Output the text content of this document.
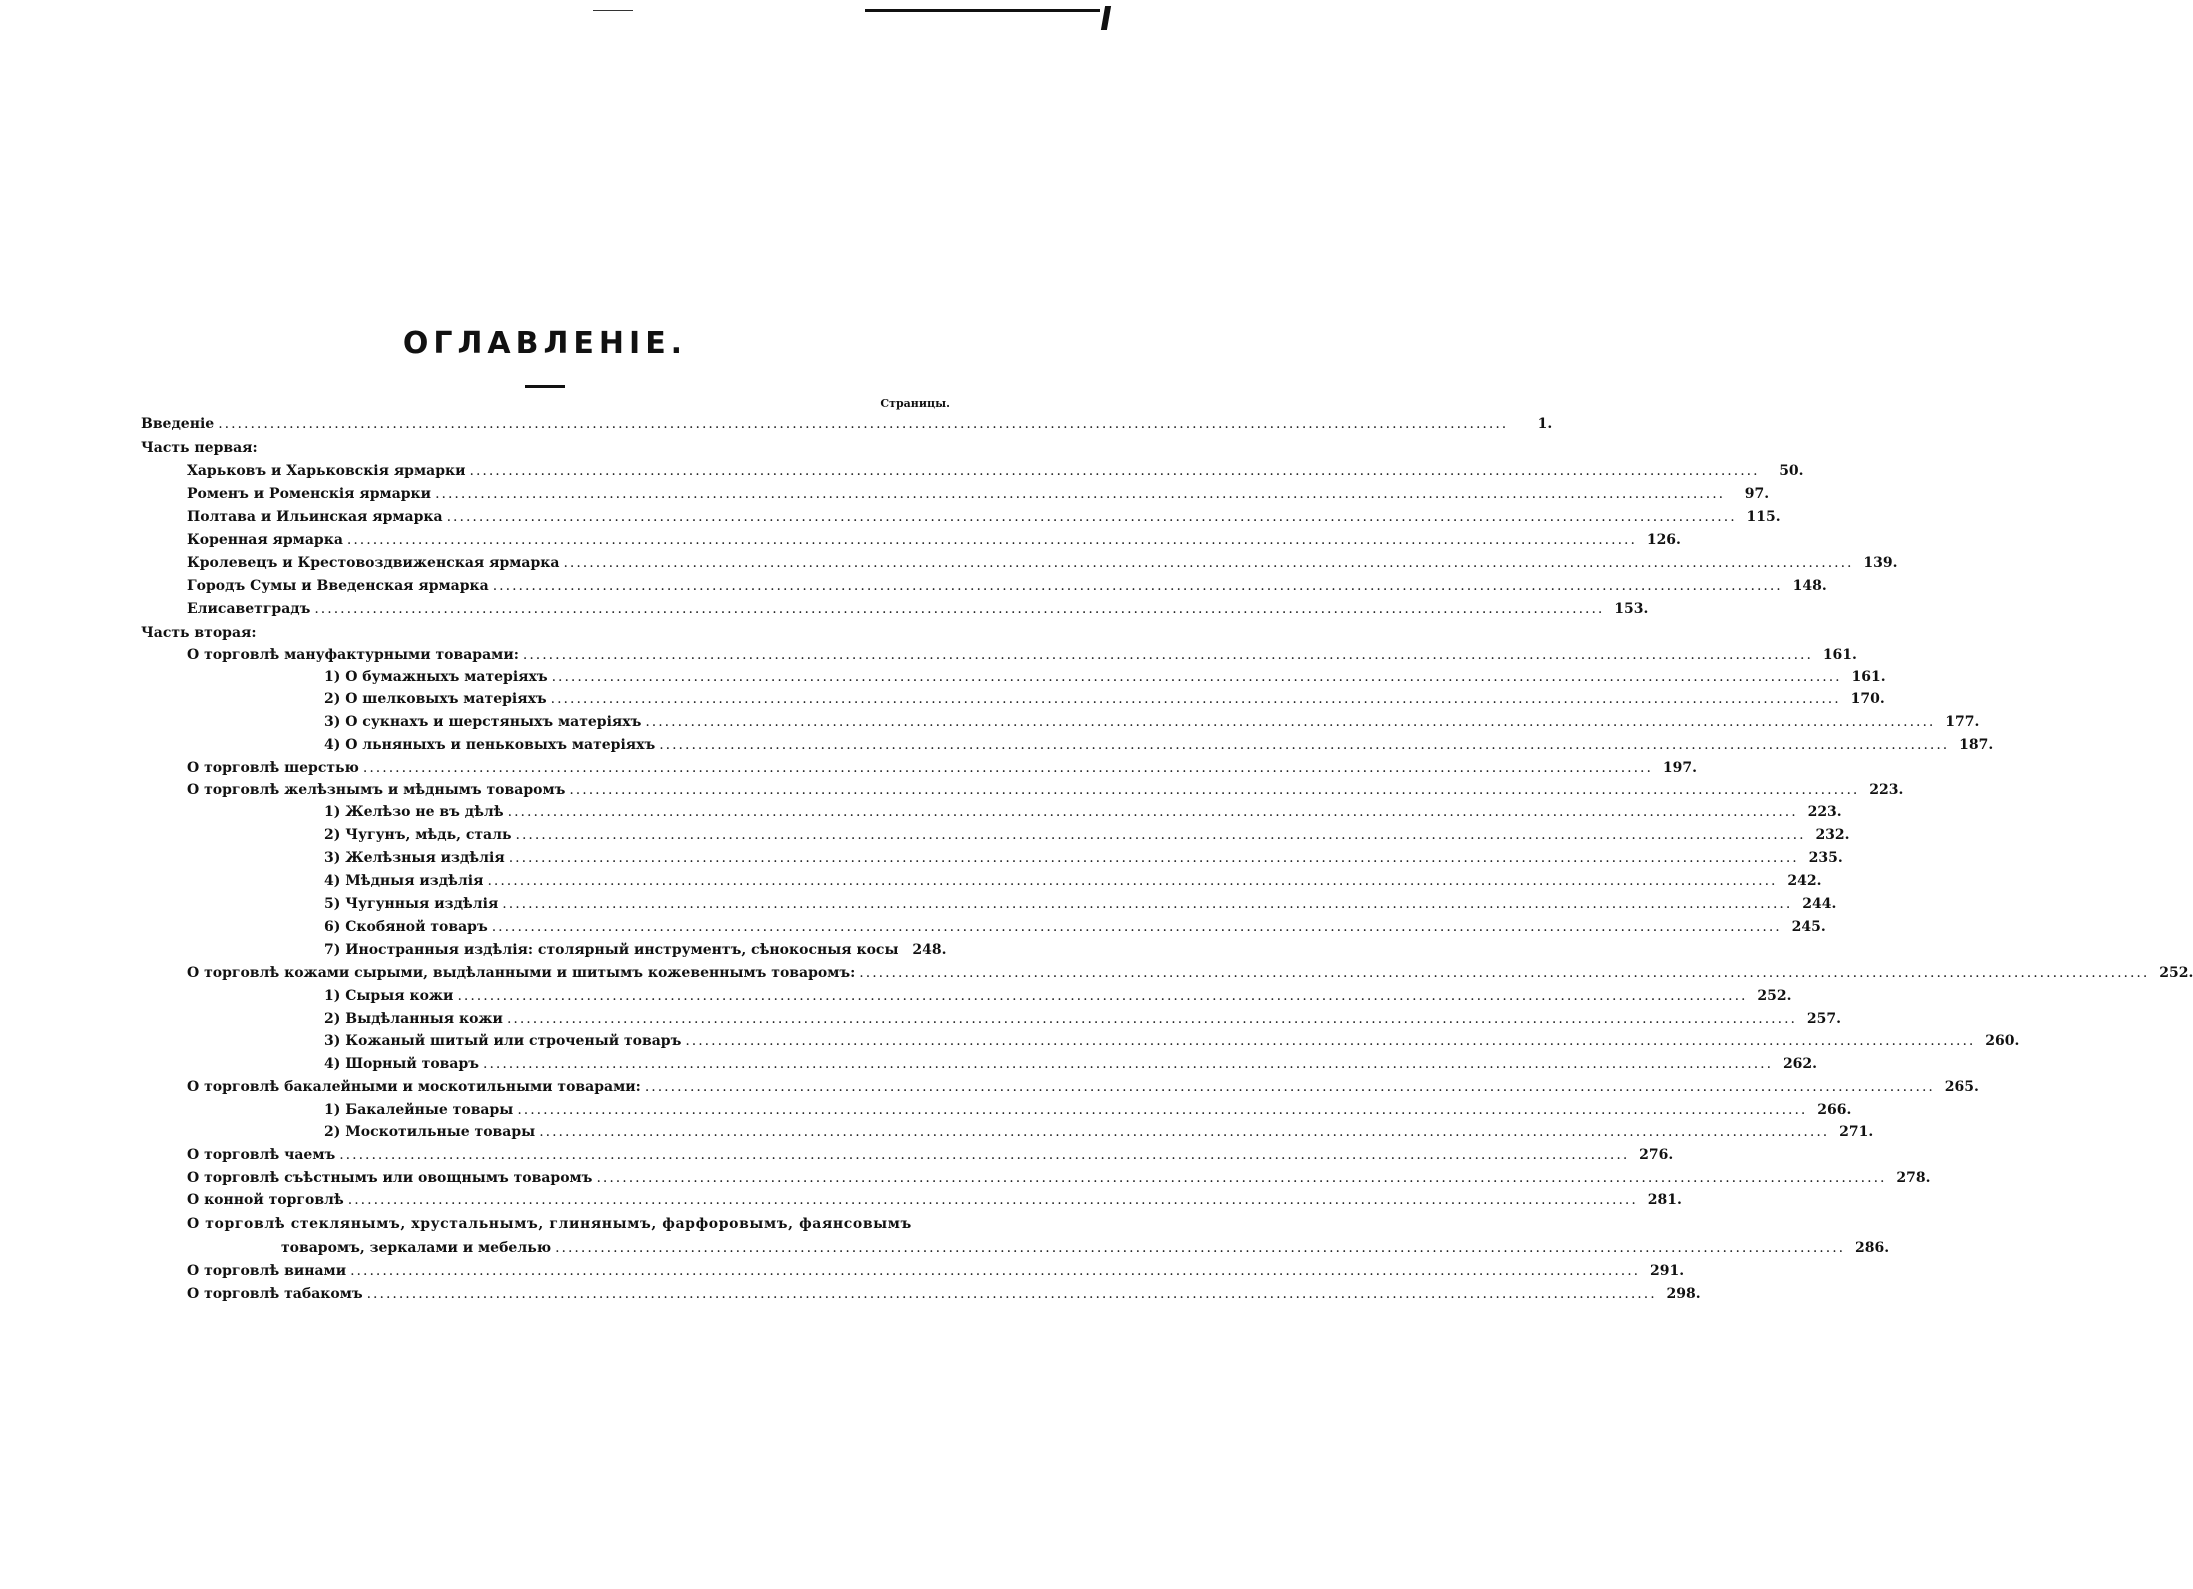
ОГЛАВЛЕНІЕ.
Страницы.
Введеніе ........................................................................................................................................................................................................	1.
Часть первая:
Харьковъ и Харьковскія ярмарки ........................................................................................................................................................................................................	50.
Роменъ и Роменскія ярмарки ........................................................................................................................................................................................................	97.
Полтава и Ильинская ярмарка ........................................................................................................................................................................................................ 115.
Коренная ярмарка ........................................................................................................................................................................................................ 126.
Кролевецъ и Крестовоздвиженская ярмарка ........................................................................................................................................................................................................ 139.
Городъ Сумы и Введенская ярмарка ........................................................................................................................................................................................................ 148.
Елисаветградъ ........................................................................................................................................................................................................ 153.
Часть вторая:
О торговлѣ мануфактурными товарами: ........................................................................................................................................................................................................ 161.
1) О бумажныхъ матеріяхъ ........................................................................................................................................................................................................ 161.
2) О шелковыхъ матеріяхъ ........................................................................................................................................................................................................ 170.
3) О сукнахъ и шерстяныхъ матеріяхъ ........................................................................................................................................................................................................ 177.
4) О льняныхъ и пеньковыхъ матеріяхъ ........................................................................................................................................................................................................ 187.
О торговлѣ шерстью ........................................................................................................................................................................................................ 197.
О торговлѣ желѣзнымъ и мѣднымъ товаромъ ........................................................................................................................................................................................................ 223.
1) Желѣзо не въ дѣлѣ ........................................................................................................................................................................................................ 223.
2) Чугунъ, мѣдь, сталь ........................................................................................................................................................................................................ 232.
3) Желѣзныя издѣлія ........................................................................................................................................................................................................ 235.
4) Мѣдныя издѣлія ........................................................................................................................................................................................................ 242.
5) Чугунныя издѣлія ........................................................................................................................................................................................................ 244.
6) Скобяной товаръ ........................................................................................................................................................................................................ 245.
7) Иностранныя издѣлія: столярный инструментъ, сѣнокосныя косы 248.
О торговлѣ кожами сырыми, выдѣланными и шитымъ кожевеннымъ товаромъ: ........................................................................................................................................................................................................ 252.
1) Сырыя кожи ........................................................................................................................................................................................................ 252.
2) Выдѣланныя кожи ........................................................................................................................................................................................................ 257.
3) Кожаный шитый или строченый товаръ ........................................................................................................................................................................................................ 260.
4) Шорный товаръ ........................................................................................................................................................................................................ 262.
О торговлѣ бакалейными и москотильными товарами: ........................................................................................................................................................................................................ 265.
1) Бакалейные товары ........................................................................................................................................................................................................ 266.
2) Москотильные товары ........................................................................................................................................................................................................ 271.
О торговлѣ чаемъ ........................................................................................................................................................................................................ 276.
О торговлѣ съѣстнымъ или овощнымъ товаромъ ........................................................................................................................................................................................................ 278.
О конной торговлѣ ........................................................................................................................................................................................................ 281.
О торговлѣ стеклянымъ, хрустальнымъ, глинянымъ, фарфоровымъ, фаянсовымъ
товаромъ, зеркалами и мебелью ........................................................................................................................................................................................................ 286.
О торговлѣ винами ........................................................................................................................................................................................................ 291.
О торговлѣ табакомъ ........................................................................................................................................................................................................ 298.
